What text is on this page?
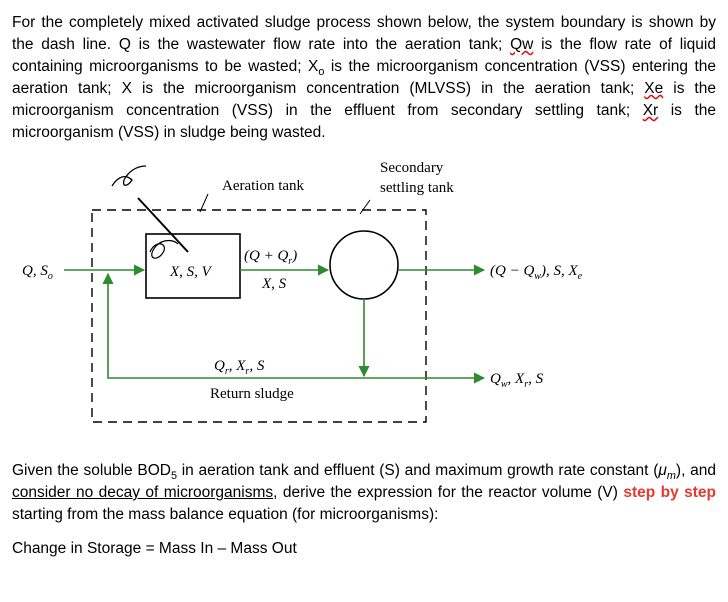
For the completely mixed activated sludge process shown below, the system boundary is shown by the dash line. Q is the wastewater flow rate into the aeration tank; Qw is the flow rate of liquid containing microorganisms to be wasted; $X_o$ is the microorganism concentration (VSS) entering the aeration tank; X is the microorganism concentration (MLVSS) in the aeration tank; Xe is the microorganism concentration (VSS) in the effluent from secondary settling tank; Xr is the microorganism (VSS) in sludge being wasted.
Aeration tank
Secondary
settling tank
Q, $S_o$	X, S, V
$(Q + Q_r)$
X, S
$(Q - Q_w)$, S, $X_e$
$Q_r$, $X_r$, S
Return sludge
$Q_w$, $X_r$, S
Given the soluble $BOD_5$ in aeration tank and effluent (S) and maximum growth rate constant $(\mu_m)$, and consider no decay of microorganisms, derive the expression for the reactor volume (V) step by step starting from the mass balance equation (for microorganisms):
Change in Storage = Mass In – Mass Out
